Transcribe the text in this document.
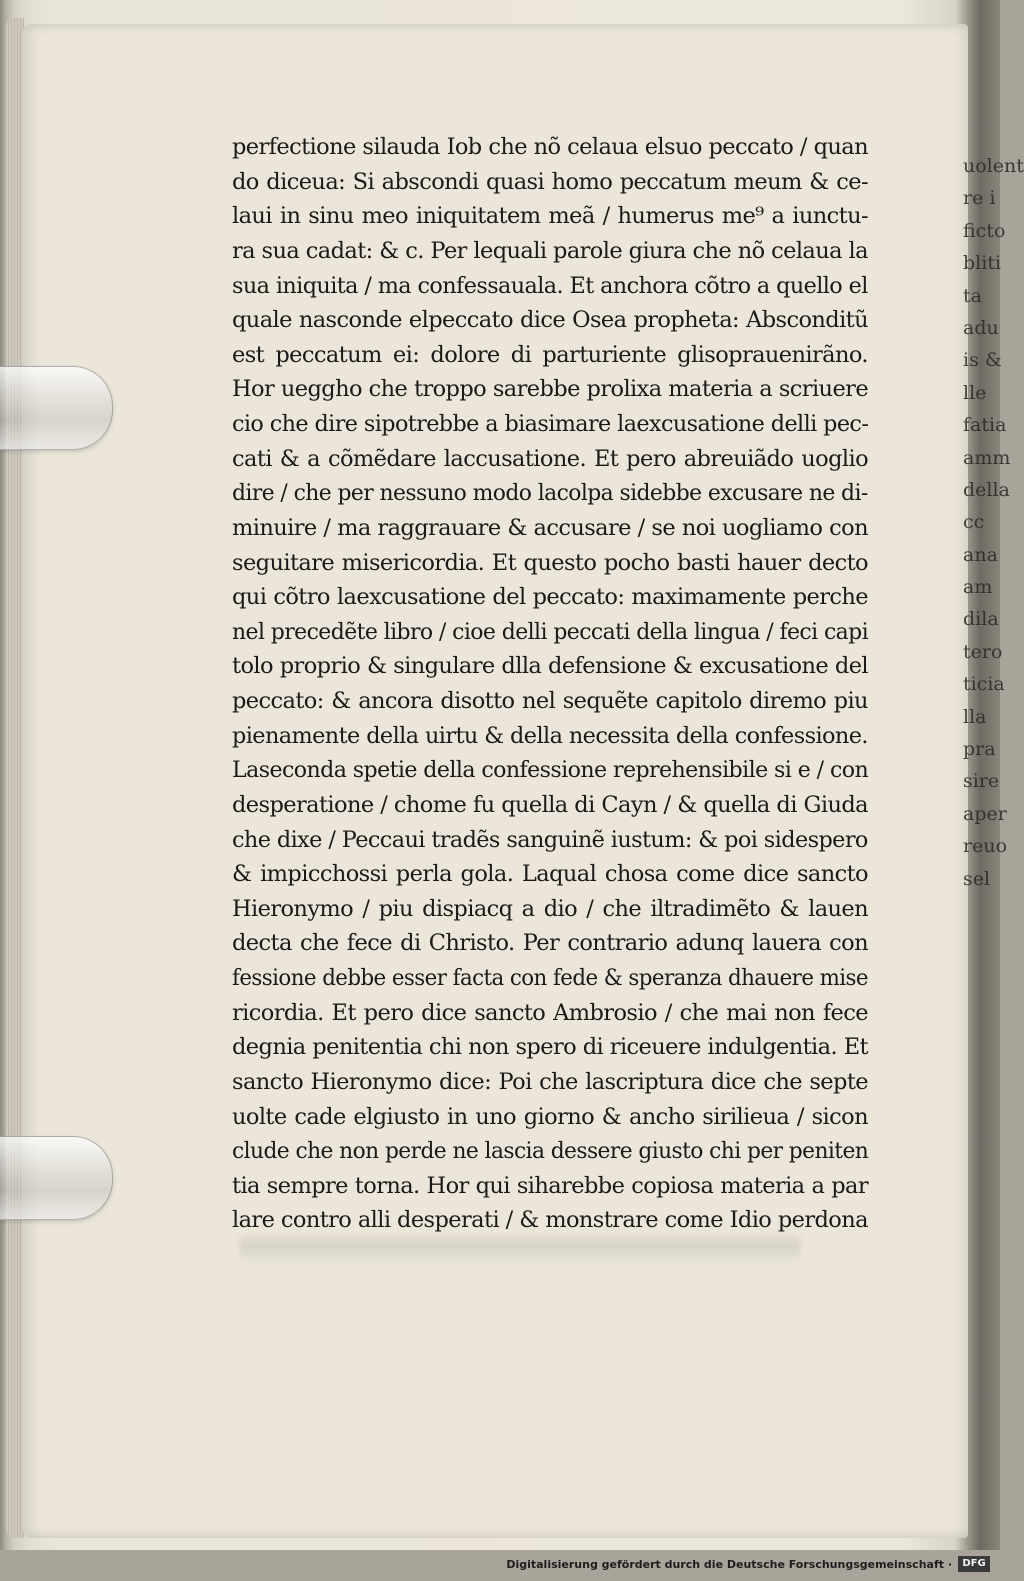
perfectione silauda Iob che nõ celaua elsuo peccato / quan
do diceua: Si abscondi quasi homo peccatum meum & ce-
laui in sinu meo iniquitatem meã / humerus me⁹ a iunctu-
ra sua cadat: & c. Per lequali parole giura che nõ celaua la
sua iniquita / ma confessauala. Et anchora cõtro a quello el
quale nasconde elpeccato dice Osea propheta: Absconditũ
est peccatum ei: dolore di parturiente glisoprauenirãno.
Hor ueggho che troppo sarebbe prolixa materia a scriuere
cio che dire sipotrebbe a biasimare laexcusatione delli pec-
cati & a cõmẽdare laccusatione. Et pero abreuiãdo uoglio
dire / che per nessuno modo lacolpa sidebbe excusare ne di-
minuire / ma raggrauare & accusare / se noi uogliamo con
seguitare misericordia. Et questo pocho basti hauer decto
qui cõtro laexcusatione del peccato: maximamente perche
nel precedẽte libro / cioe delli peccati della lingua / feci capi
tolo proprio & singulare dlla defensione & excusatione del
peccato: & ancora disotto nel sequẽte capitolo diremo piu
pienamente della uirtu & della necessita della confessione.
Laseconda spetie della confessione reprehensibile si e / con
desperatione / chome fu quella di Cayn / & quella di Giuda
che dixe / Peccaui tradẽs sanguinẽ iustum: & poi sidespero
& impicchossi perla gola. Laqual chosa come dice sancto
Hieronymo / piu dispiacq a dio / che iltradimẽto & lauen
decta che fece di Christo. Per contrario adunq lauera con
fessione debbe esser facta con fede & speranza dhauere mise
ricordia. Et pero dice sancto Ambrosio / che mai non fece
degnia penitentia chi non spero di riceuere indulgentia. Et
sancto Hieronymo dice: Poi che lascriptura dice che septe
uolte cade elgiusto in uno giorno & ancho sirilieua / sicon
clude che non perde ne lascia dessere giusto chi per peniten
tia sempre torna. Hor qui siharebbe copiosa materia a par
lare contro alli desperati / & monstrare come Idio perdona
uolent
re i
ficto
bliti
ta
adu
is &
lle
fatia
amm
della
cc
ana
am
dila
tero
ticia
lla
pra
sire
aper
reuo
sel
Digitalisierung gefördert durch die Deutsche Forschungsgemeinschaft ·	DFG
